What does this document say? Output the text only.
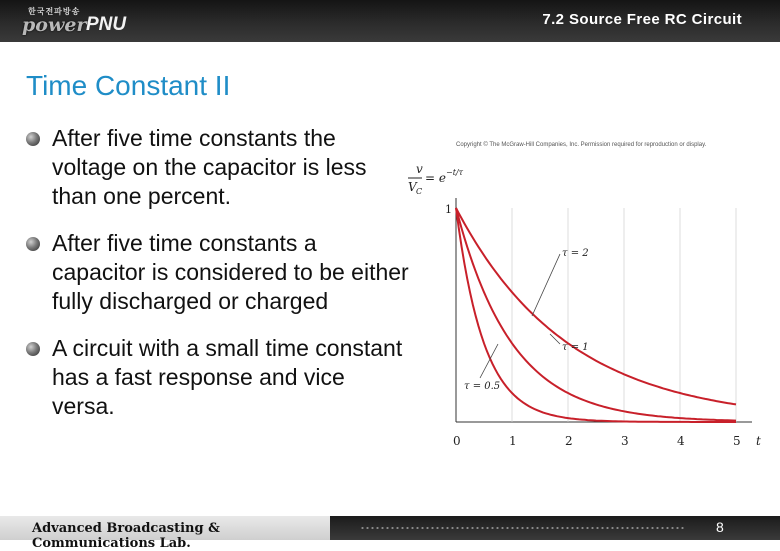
한국전파방송
power PNU	7.2 Source Free RC Circuit
Time Constant II
After five time constants the voltage on the capacitor is less than one percent.
After five time constants a capacitor is considered to be either fully discharged or charged
A circuit with a small time constant has a fast response and vice versa.
Copyright © The McGraw-Hill Companies, Inc. Permission required for reproduction or display.
v
V C
= e −t/τ
1
0	1	2	3	4	5 t
τ = 2
τ = 1
τ = 0.5
Advanced Broadcasting & Communications Lab.
8
